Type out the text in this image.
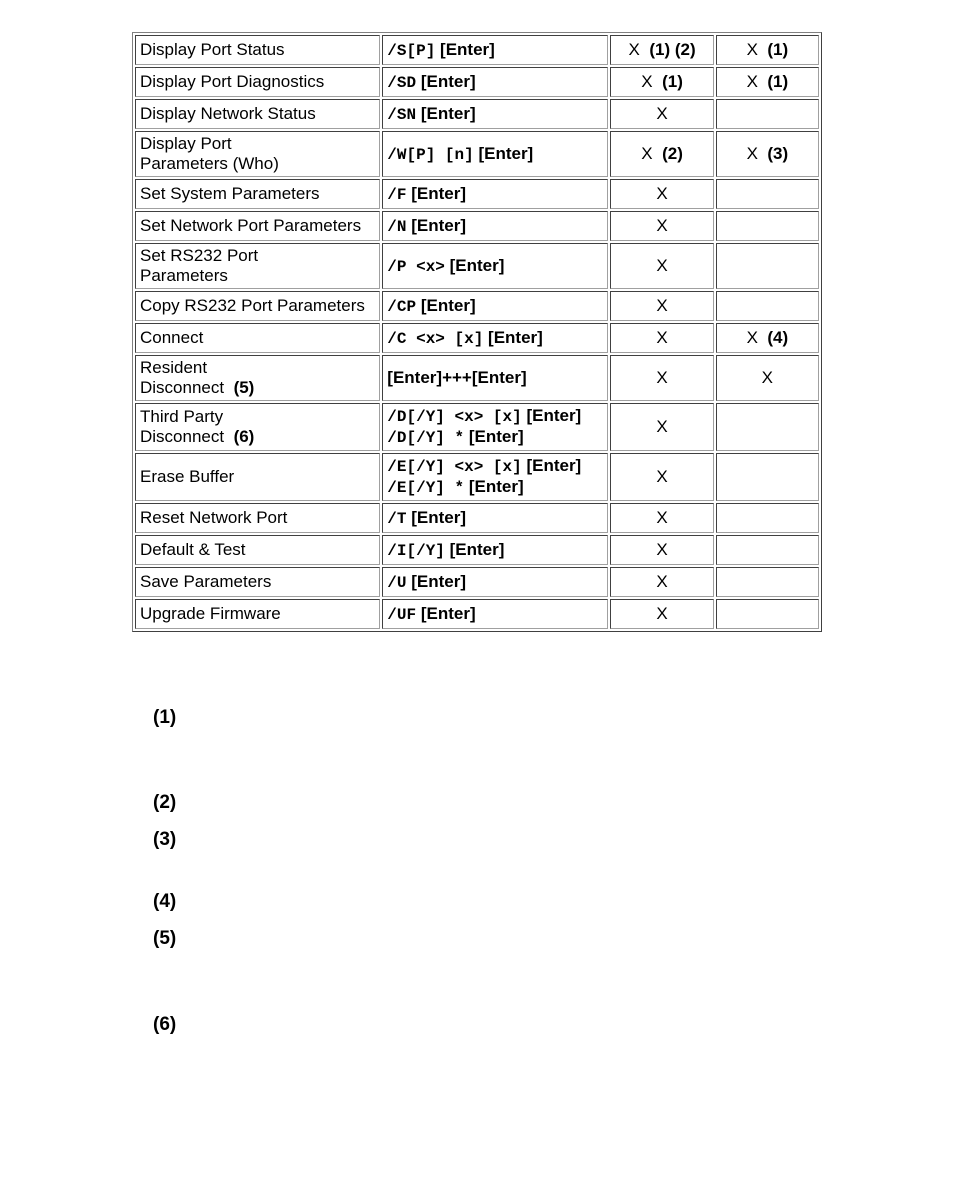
Display Port Status	/S[P] [Enter]	X (1) (2)	X (1)

Display Port Diagnostics	/SD [Enter]	X (1)	X (1)

Display Network Status	/SN [Enter]	X	

Display Port
Parameters (Who)	/W[P] [n] [Enter]	X (2)	X (3)

Set System Parameters	/F [Enter]	X	

Set Network Port Parameters	/N [Enter]	X	

Set RS232 Port
Parameters	/P <x> [Enter]	X	

Copy RS232 Port Parameters	/CP [Enter]	X	

Connect	/C <x> [x] [Enter]	X	X (4)

Resident
Disconnect (5)	[Enter]+++[Enter]	X	X

Third Party
Disconnect (6)	/D[/Y] <x> [x] [Enter]
/D[/Y] * [Enter]	X	

Erase Buffer	/E[/Y] <x> [x] [Enter]
/E[/Y] * [Enter]	X	

Reset Network Port	/T [Enter]	X	

Default & Test	/I[/Y] [Enter]	X	

Save Parameters	/U [Enter]	X	

Upgrade Firmware	/UF [Enter]	X	
(1)
(2)
(3)
(4)
(5)
(6)
